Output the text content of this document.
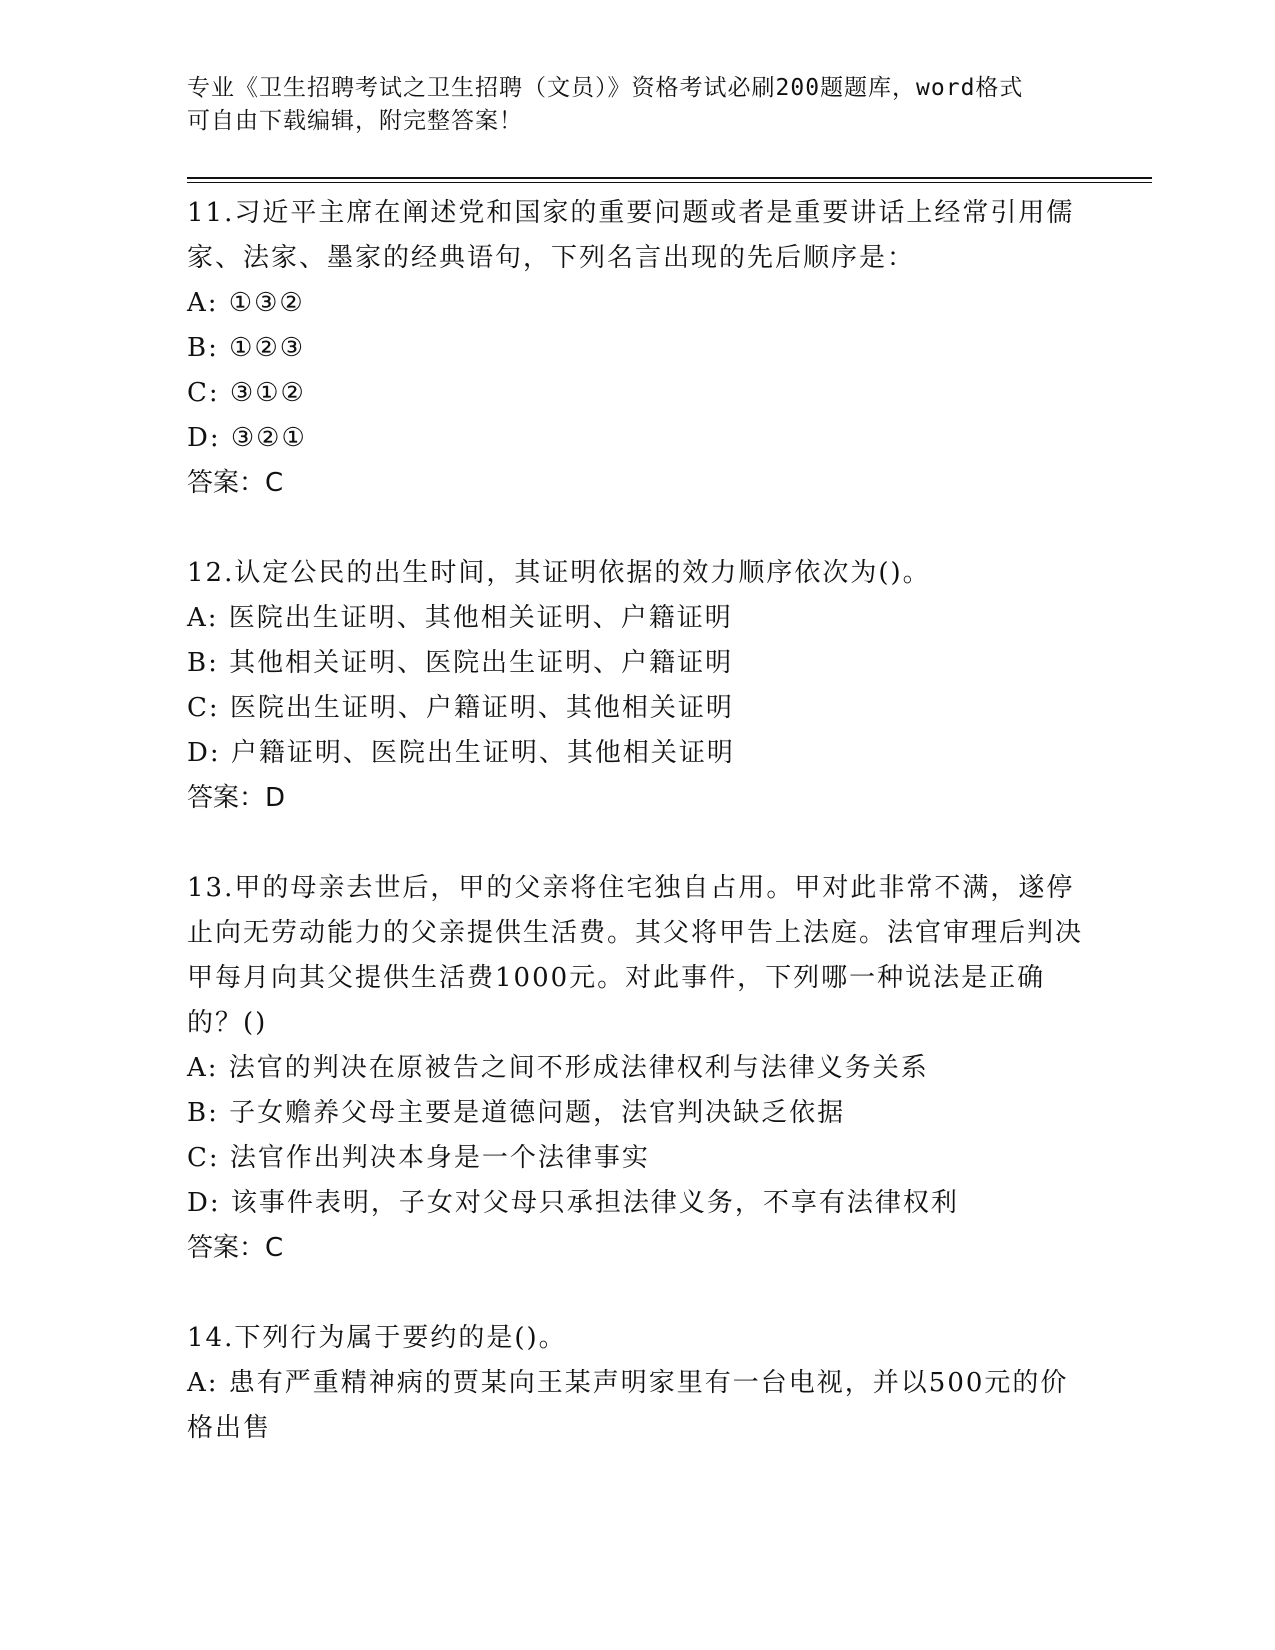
专业《卫生招聘考试之卫生招聘（文员）》资格考试必刷200题题库，word格式
可自由下载编辑，附完整答案！

11.习近平主席在阐述党和国家的重要问题或者是重要讲话上经常引用儒家、法家、墨家的经典语句，下列名言出现的先后顺序是：

A: ①③②
B: ①②③
C: ③①②
D: ③②①
答案：C

12.认定公民的出生时间，其证明依据的效力顺序依次为()。

A: 医院出生证明、其他相关证明、户籍证明
B: 其他相关证明、医院出生证明、户籍证明
C: 医院出生证明、户籍证明、其他相关证明
D: 户籍证明、医院出生证明、其他相关证明
答案：D

13.甲的母亲去世后，甲的父亲将住宅独自占用。甲对此非常不满，遂停止向无劳动能力的父亲提供生活费。其父将甲告上法庭。法官审理后判决甲每月向其父提供生活费1000元。对此事件，下列哪一种说法是正确的？()

A: 法官的判决在原被告之间不形成法律权利与法律义务关系
B: 子女赡养父母主要是道德问题，法官判决缺乏依据
C: 法官作出判决本身是一个法律事实
D: 该事件表明，子女对父母只承担法律义务，不享有法律权利
答案：C

14.下列行为属于要约的是()。

A: 患有严重精神病的贾某向王某声明家里有一台电视，并以500元的价格出售
